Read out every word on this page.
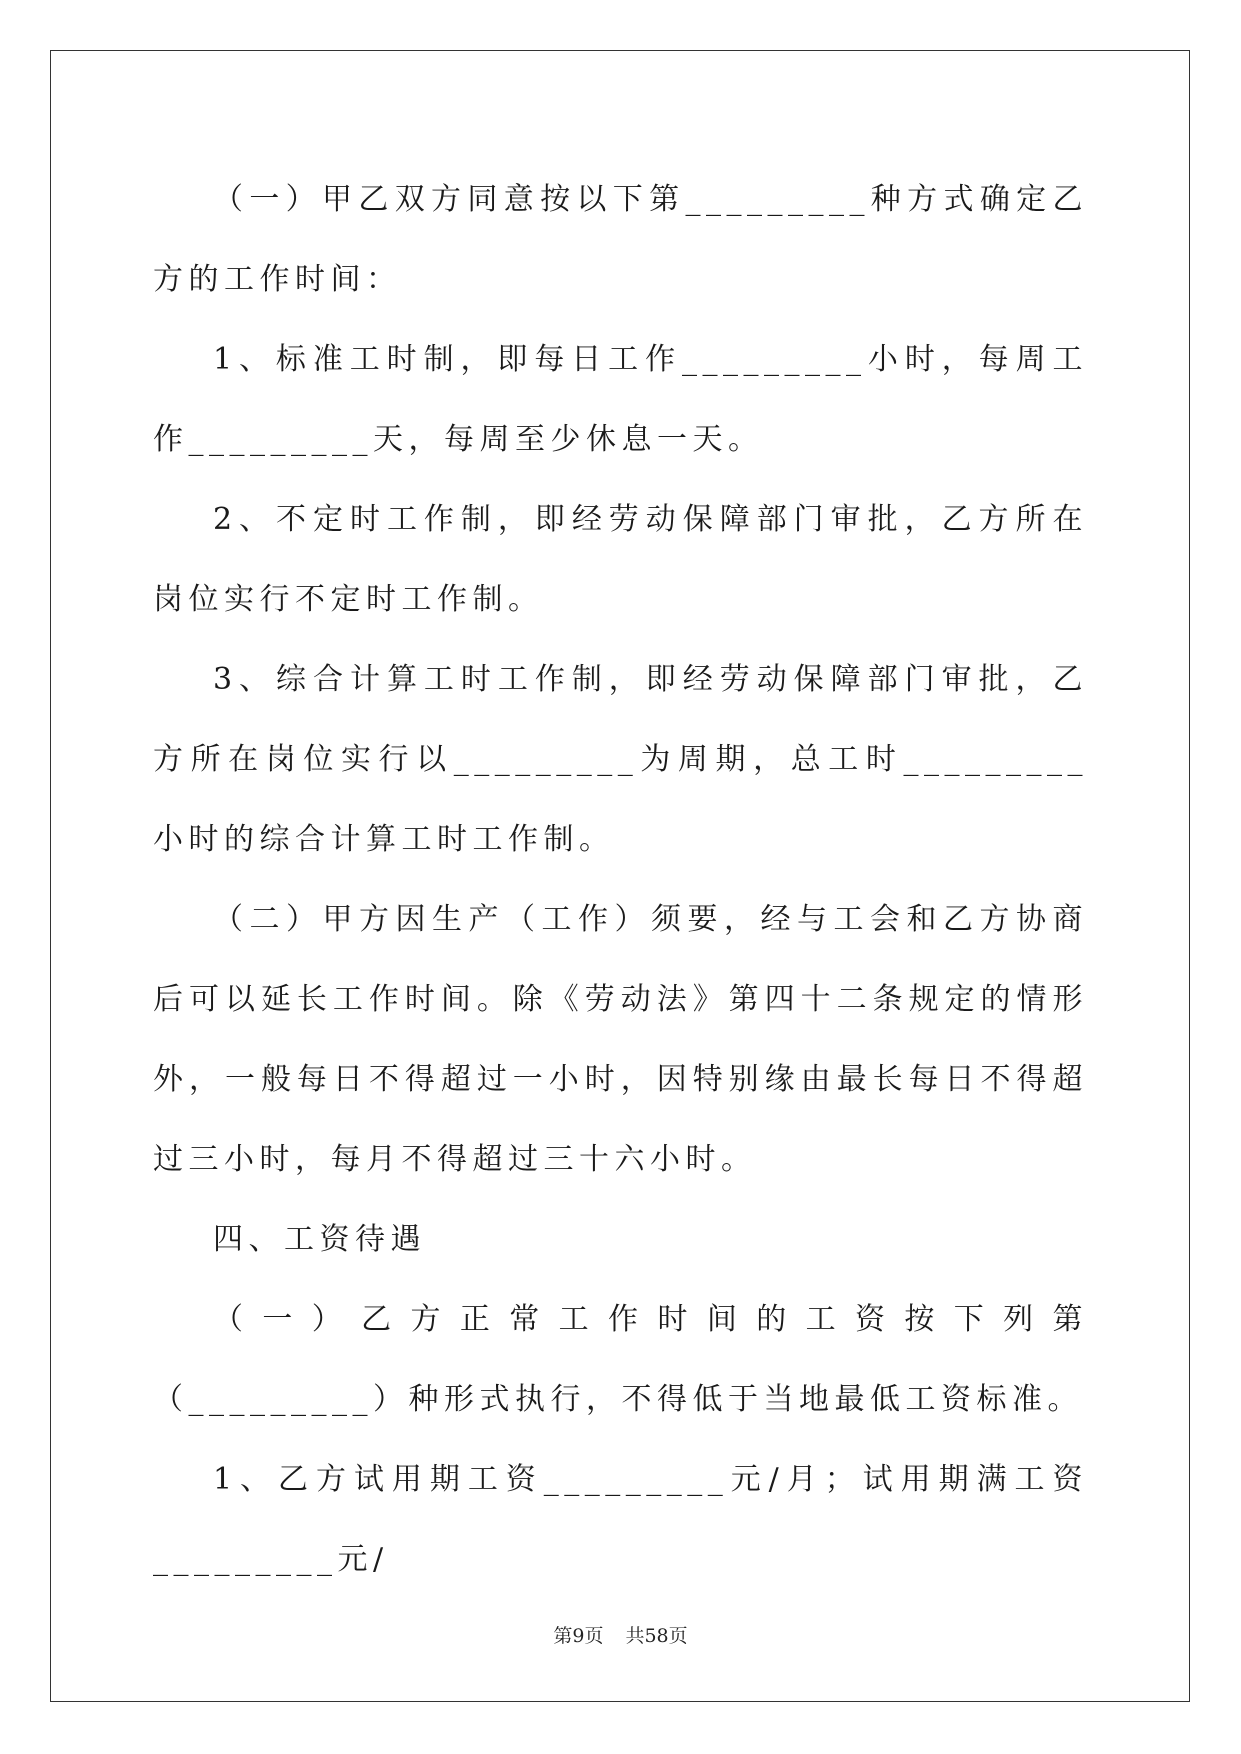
（一）甲乙双方同意按以下第_________种方式确定乙方的工作时间：

1、标准工时制，即每日工作_________小时，每周工作_________天，每周至少休息一天。

2、不定时工作制，即经劳动保障部门审批，乙方所在岗位实行不定时工作制。

3、综合计算工时工作制，即经劳动保障部门审批，乙方所在岗位实行以_________为周期，总工时_________小时的综合计算工时工作制。

（二）甲方因生产（工作）须要，经与工会和乙方协商后可以延长工作时间。除《劳动法》第四十二条规定的情形外，一般每日不得超过一小时，因特别缘由最长每日不得超过三小时，每月不得超过三十六小时。

四、工资待遇

（一）乙方正常工作时间的工资按下列第（_________）种形式执行，不得低于当地最低工资标准。

1、乙方试用期工资_________元/月；试用期满工资_________元/

第9页 共58页
